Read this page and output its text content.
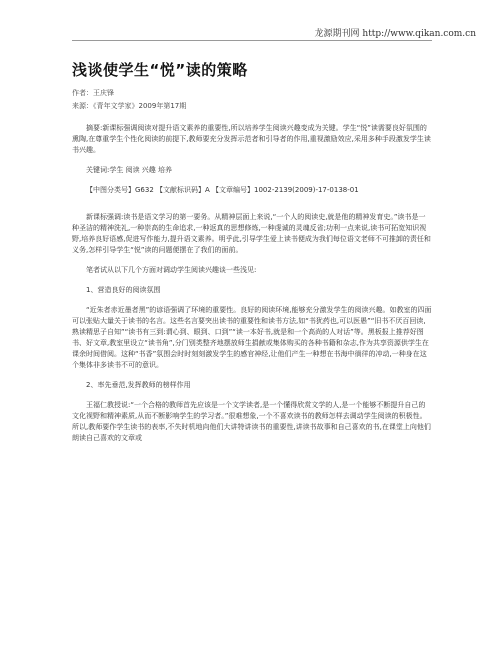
龙源期刊网 http://www.qikan.com.cn
浅谈使学生“悦”读的策略
作者：王庆锋
来源：《青年文学家》2009年第17期

摘要:新课标强调阅读对提升语文素养的重要性,所以培养学生阅读兴趣变成为关键。学生“悦”读需要良好氛围的熏陶,在尊重学生个性化阅读的前提下,教师要充分发挥示范者和引导者的作用,重视激励效应,采用多种手段激发学生读书兴趣。

关键词:学生 阅读 兴趣 培养

【中图分类号】G632 【文献标识码】A 【文章编号】1002-2139(2009)-17-0138-01

新课标强调:读书是语文学习的第一要务。从精神层面上来说,“一个人的阅读史,就是他的精神发育史。”读书是一种圣洁的精神洗礼,一种崇高的生命追求,一种返真的思想修炼,一种虔诚的灵魂反省;功利一点来说,读书可拓宽知识视野,培养良好语感,促进写作能力,提升语文素养。明乎此,引导学生爱上读书便成为我们每位语文老师不可推卸的责任和义务,怎样引导学生“悦”读的问题便摆在了我们的面前。

笔者试从以下几个方面对调动学生阅读兴趣谈一些浅见:

1、营造良好的阅读氛围

“近朱者赤近墨者黑”的谚语强调了环境的重要性。良好的阅读环境,能够充分激发学生的阅读兴趣。如教室的四面可以张贴大量关于读书的名言。这些名言要突出读书的重要性和读书方法,如“书犹药也,可以医愚”“旧书不厌百回读,熟读精思子自知”“读书有三到:谓心到、眼到、口到”“读一本好书,就是和一个高尚的人对话”等。黑板报上推荐好图书、好文章,教室里设立“读书角”,分门别类整齐地摆放师生捐献或集体购买的各种书籍和杂志,作为共享资源供学生在课余时间借阅。这种“书香”氛围会时时刻刻激发学生的感官神经,让他们产生一种想在书海中徜徉的冲动,一种身在这个集体非多读书不可的意识。

2、率先垂范,发挥教师的榜样作用

王福仁教授说:“一个合格的教师首先应该是一个文学读者,是一个懂得欣赏文学的人,是一个能够不断提升自己的文化视野和精神素质,从而不断影响学生的学习者。”很难想象,一个不喜欢读书的教师怎样去调动学生阅读的积极性。所以,教师要作学生读书的表率,不失时机地向他们大讲特讲读书的重要性,讲读书故事和自己喜欢的书,在课堂上向他们朗读自己喜欢的文章或
